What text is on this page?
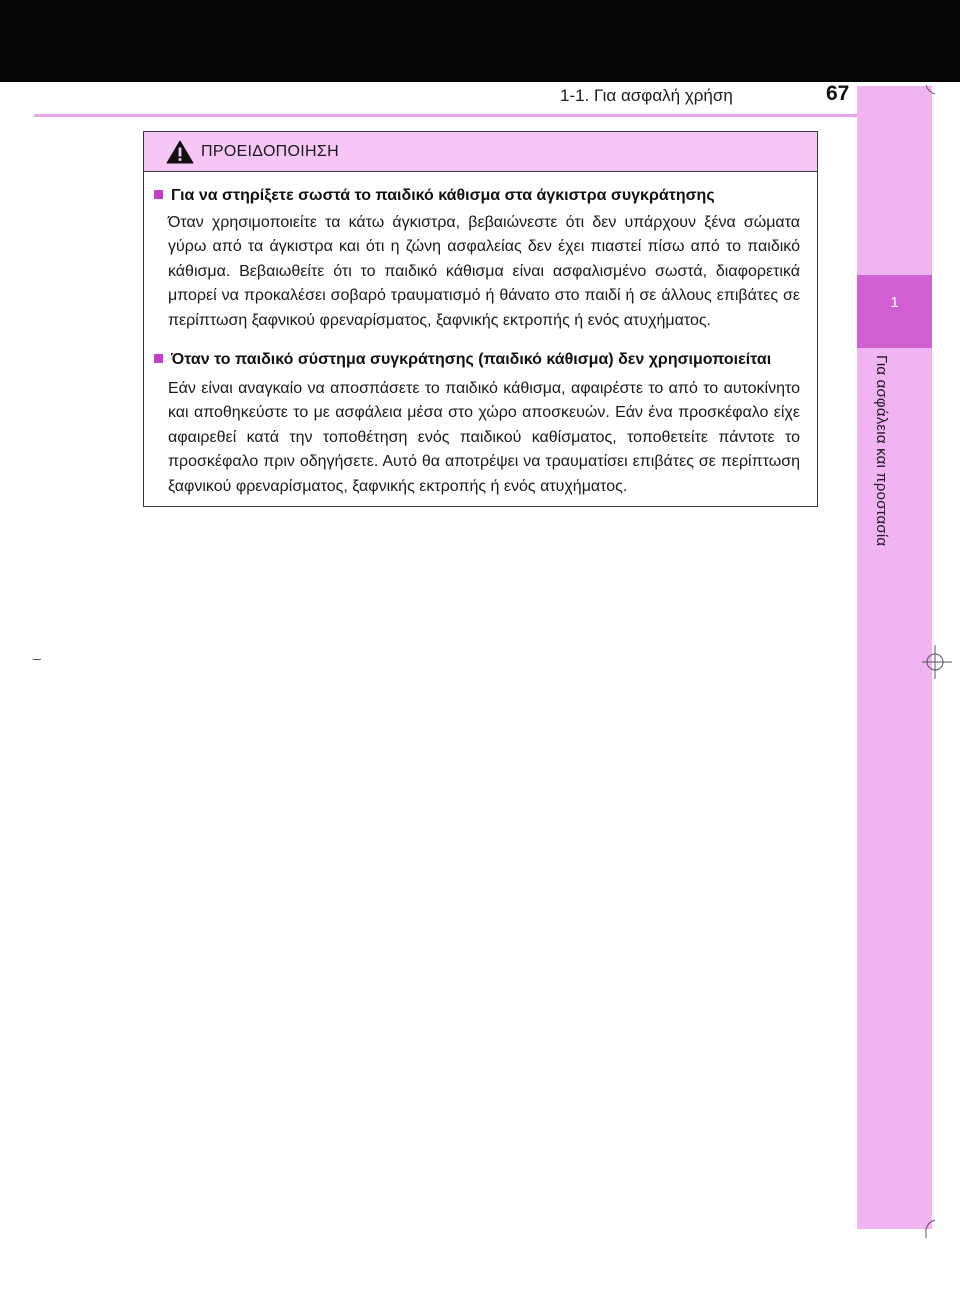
1-1. Για ασφαλή χρήση	67
1
Για ασφάλεια και προστασία
ΠΡΟΕΙΔΟΠΟΙΗΣΗ
Για να στηρίξετε σωστά το παιδικό κάθισμα στα άγκιστρα συγκράτησης
Όταν χρησιμοποιείτε τα κάτω άγκιστρα, βεβαιώνεστε ότι δεν υπάρχουν ξένα σώματα γύρω από τα άγκιστρα και ότι η ζώνη ασφαλείας δεν έχει πιαστεί πίσω από το παιδικό κάθισμα. Βεβαιωθείτε ότι το παιδικό κάθισμα είναι ασφαλισμένο σωστά, διαφορετικά μπορεί να προκαλέσει σοβαρό τραυματισμό ή θάνατο στο παιδί ή σε άλλους επιβάτες σε περίπτωση ξαφνικού φρεναρίσματος, ξαφνικής εκτροπής ή ενός ατυχήματος.
Όταν το παιδικό σύστημα συγκράτησης (παιδικό κάθισμα) δεν χρησιμοποιείται
Εάν είναι αναγκαίο να αποσπάσετε το παιδικό κάθισμα, αφαιρέστε το από το αυτοκίνητο και αποθηκεύστε το με ασφάλεια μέσα στο χώρο αποσκευών. Εάν ένα προσκέφαλο είχε αφαιρεθεί κατά την τοποθέτηση ενός παιδικού καθίσματος, τοποθετείτε πάντοτε το προσκέφαλο πριν οδηγήσετε. Αυτό θα αποτρέψει να τραυματίσει επιβάτες σε περίπτωση ξαφνικού φρεναρίσματος, ξαφνικής εκτροπής ή ενός ατυχήματος.
